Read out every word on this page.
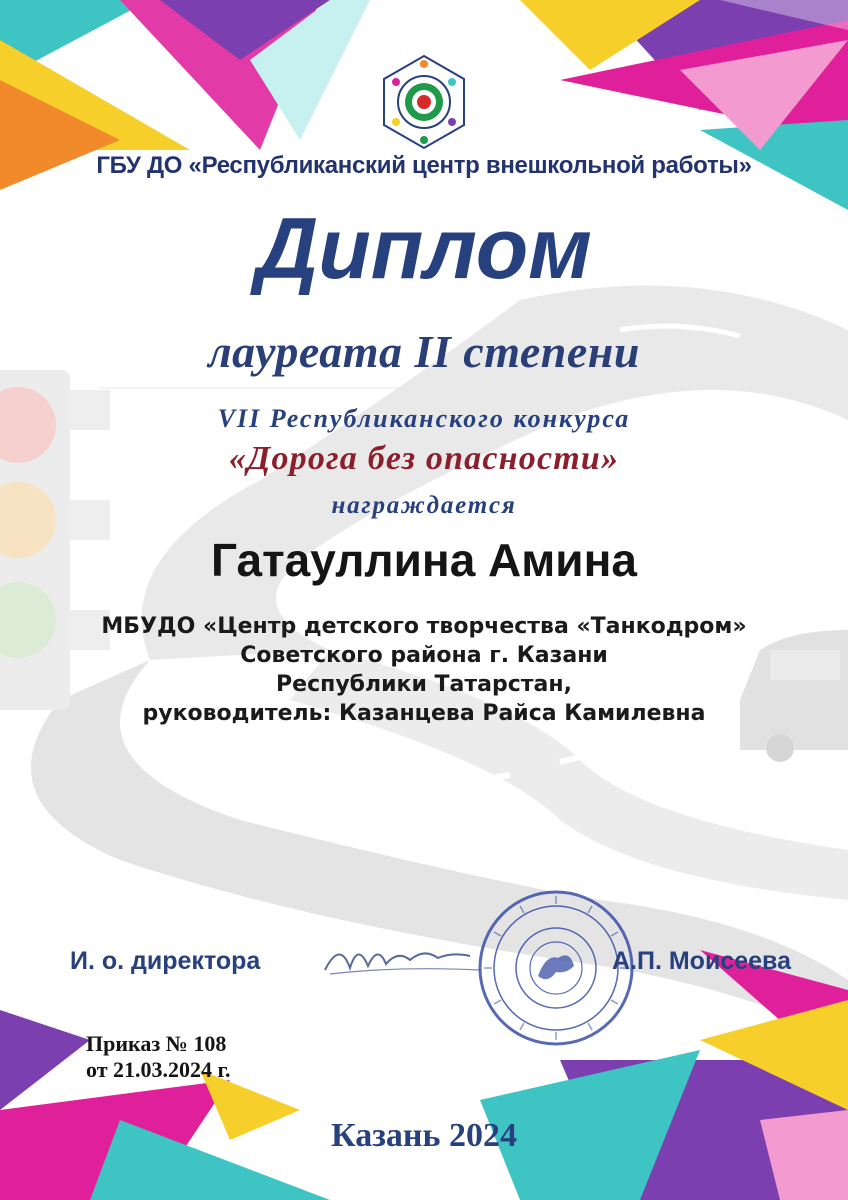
ГБУ ДО «Республиканский центр внешкольной работы»

Диплом

лауреата II степени

VII Республиканского конкурса

«Дорога без опасности»

награждается

Гатауллина Амина

МБУДО «Центр детского творчества «Танкодром»
Советского района г. Казани
Республики Татарстан,
руководитель: Казанцева Райса Камилевна

И. о. директора	А.П. Моисеева

Приказ № 108
от 21.03.2024 г.

Казань 2024
